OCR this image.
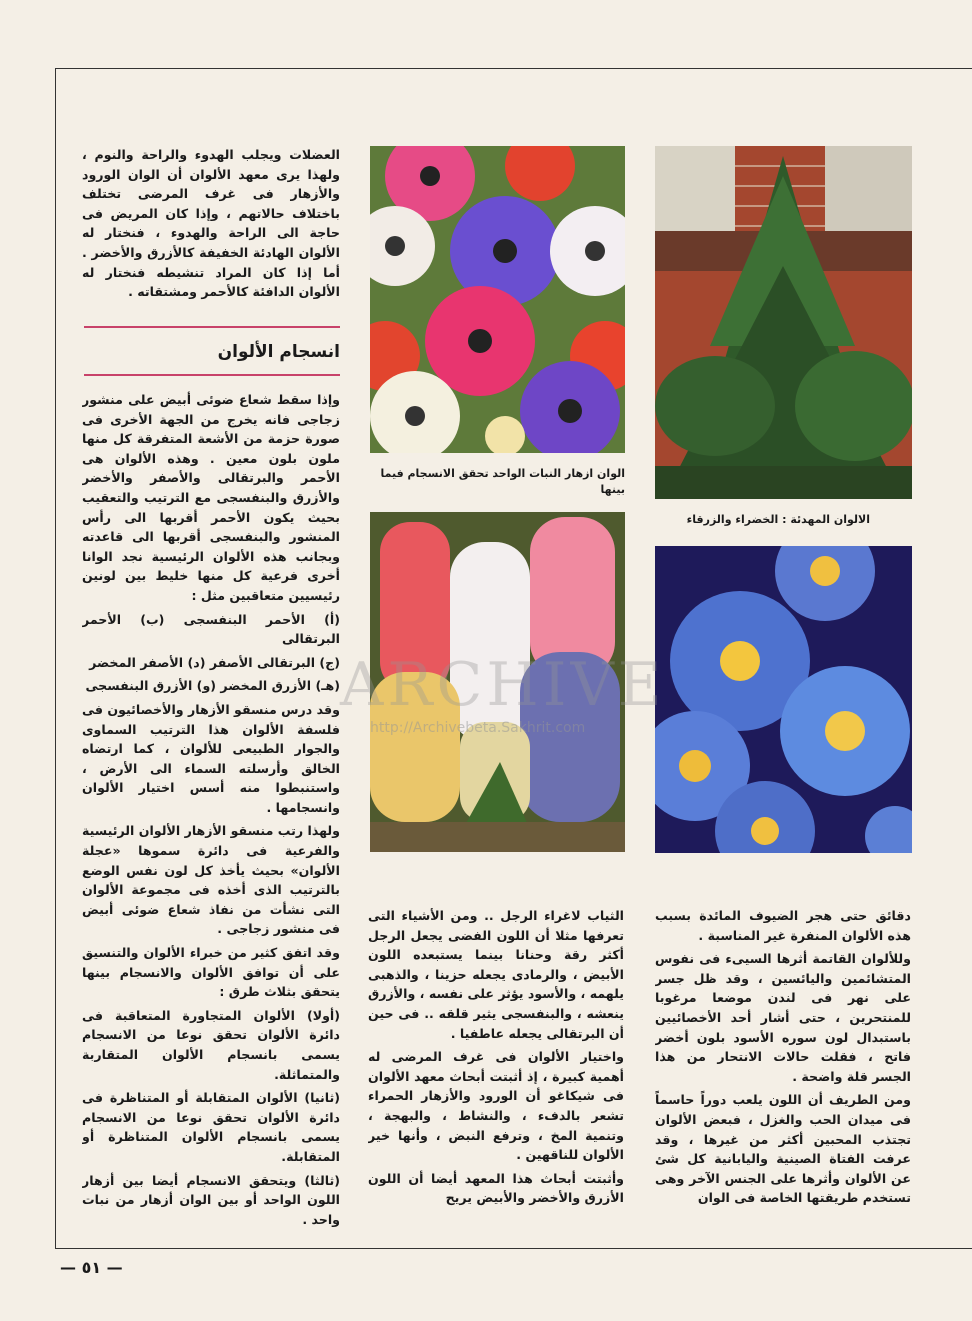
العضلات ويجلب الهدوء والراحة والنوم ، ولهذا يرى معهد الألوان أن الوان الورود والأزهار فى غرف المرضى تختلف باختلاف حالاتهم ، وإذا كان المريض فى حاجة الى الراحة والهدوء ، فنختار له الألوان الهادئة الخفيفة كالأزرق والأخضر . أما إذا كان المراد تنشيطه فنختار له الألوان الدافئة كالأحمر ومشتقاته .

انسجام الألوان

وإذا سقط شعاع ضوئى أبيض على منشور زجاجى فانه يخرج من الجهة الأخرى فى صورة حزمة من الأشعة المتفرقة كل منها ملون بلون معين . وهذه الألوان هى الأحمر والبرتقالى والأصفر والأخضر والأزرق والبنفسجى مع الترتيب والتعقيب بحيث يكون الأحمر أقربها الى رأس المنشور والبنفسجى أقربها الى قاعدته وبجانب هذه الألوان الرئيسية نجد الوانا أخرى فرعية كل منها خليط بين لونين رئيسيين متعاقبين مثل :

(أ) الأحمر البنفسجى (ب) الأحمر البرتقالى

(ج) البرتقالى الأصفر (د) الأصفر المخضر

(هـ) الأزرق المخضر (و) الأزرق البنفسجى

وقد درس منسقو الأزهار والأخصائيون فى فلسفة الألوان هذا الترتيب السماوى والجوار الطبيعى للألوان ، كما ارتضاه الخالق وأرسلته السماء الى الأرض ، واستنبطوا منه أسس اختيار الألوان وانسجامها .

ولهذا رتب منسقو الأزهار الألوان الرئيسية والفرعية فى دائرة سموها «عجلة الألوان» بحيث يأخذ كل لون نفس الوضع بالترتيب الذى أخذه فى مجموعة الألوان التى نشأت من نفاذ شعاع ضوئى أبيض فى منشور زجاجى .

وقد اتفق كثير من خبراء الألوان والتنسيق على أن توافق الألوان والانسجام بينها يتحقق بثلاث طرق :

(أولا) الألوان المتجاورة المتعاقبة فى دائرة الألوان تحقق نوعا من الانسجام يسمى بانسجام الألوان المتقاربة والمتماثلة.

(ثانيا) الألوان المتقابلة أو المتناظرة فى دائرة الألوان تحقق نوعا من الانسجام يسمى بانسجام الألوان المتناظرة أو المتقابلة.

(ثالثا) ويتحقق الانسجام أيضا بين أزهار اللون الواحد أو بين الوان أزهار من نبات واحد .

الالوان المهدئة : الخضراء والزرقاء
الوان ازهار النبات الواحد تحقق الانسجام فيما بينها

دقائق حتى هجر الضيوف المائدة بسبب هذه الألوان المنفرة غير المناسبة .

وللألوان القاتمة أثرها السيىء فى نفوس المتشائمين واليائسين ، وقد ظل جسر على نهر فى لندن موضعا مرغوبا للمنتحرين ، حتى أشار أحد الأخصائيين باستبدال لون سوره الأسود بلون أخضر فاتح ، فقلت حالات الانتحار من هذا الجسر قلة واضحة .

ومن الطريف أن اللون يلعب دوراً حاسماً فى ميدان الحب والغزل ، فبعض الألوان تجتذب المحبين أكثر من غيرها ، وقد عرفت الفتاة الصينية واليابانية كل شئ عن الألوان وأثرها على الجنس الآخر وهى تستخدم طريقتها الخاصة فى الوان

الثياب لاغراء الرجل .. ومن الأشياء التى تعرفها مثلا أن اللون الفضى يجعل الرجل أكثر رقة وحنانا بينما يستبعده اللون الأبيض ، والرمادى يجعله حزينا ، والذهبى يلهمه ، والأسود يؤثر على نفسه ، والأزرق ينعشه ، والبنفسجى يثير قلقه .. فى حين أن البرتقالى يجعله عاطفيا .

واختيار الألوان فى غرف المرضى له أهمية كبيرة ، إذ أثبتت أبحاث معهد الألوان فى شيكاغو أن الورود والأزهار الحمراء تشعر بالدفء ، والنشاط ، والبهجة ، وتنمية المخ ، وترفع النبض ، وأنها خير الألوان للناقهين .

وأثبتت أبحاث هذا المعهد أيضا أن اللون الأزرق والأخضر والأبيض يريح

ARCHIVE
http://Archivebeta.Sakhrit.com
— ٥١ —
